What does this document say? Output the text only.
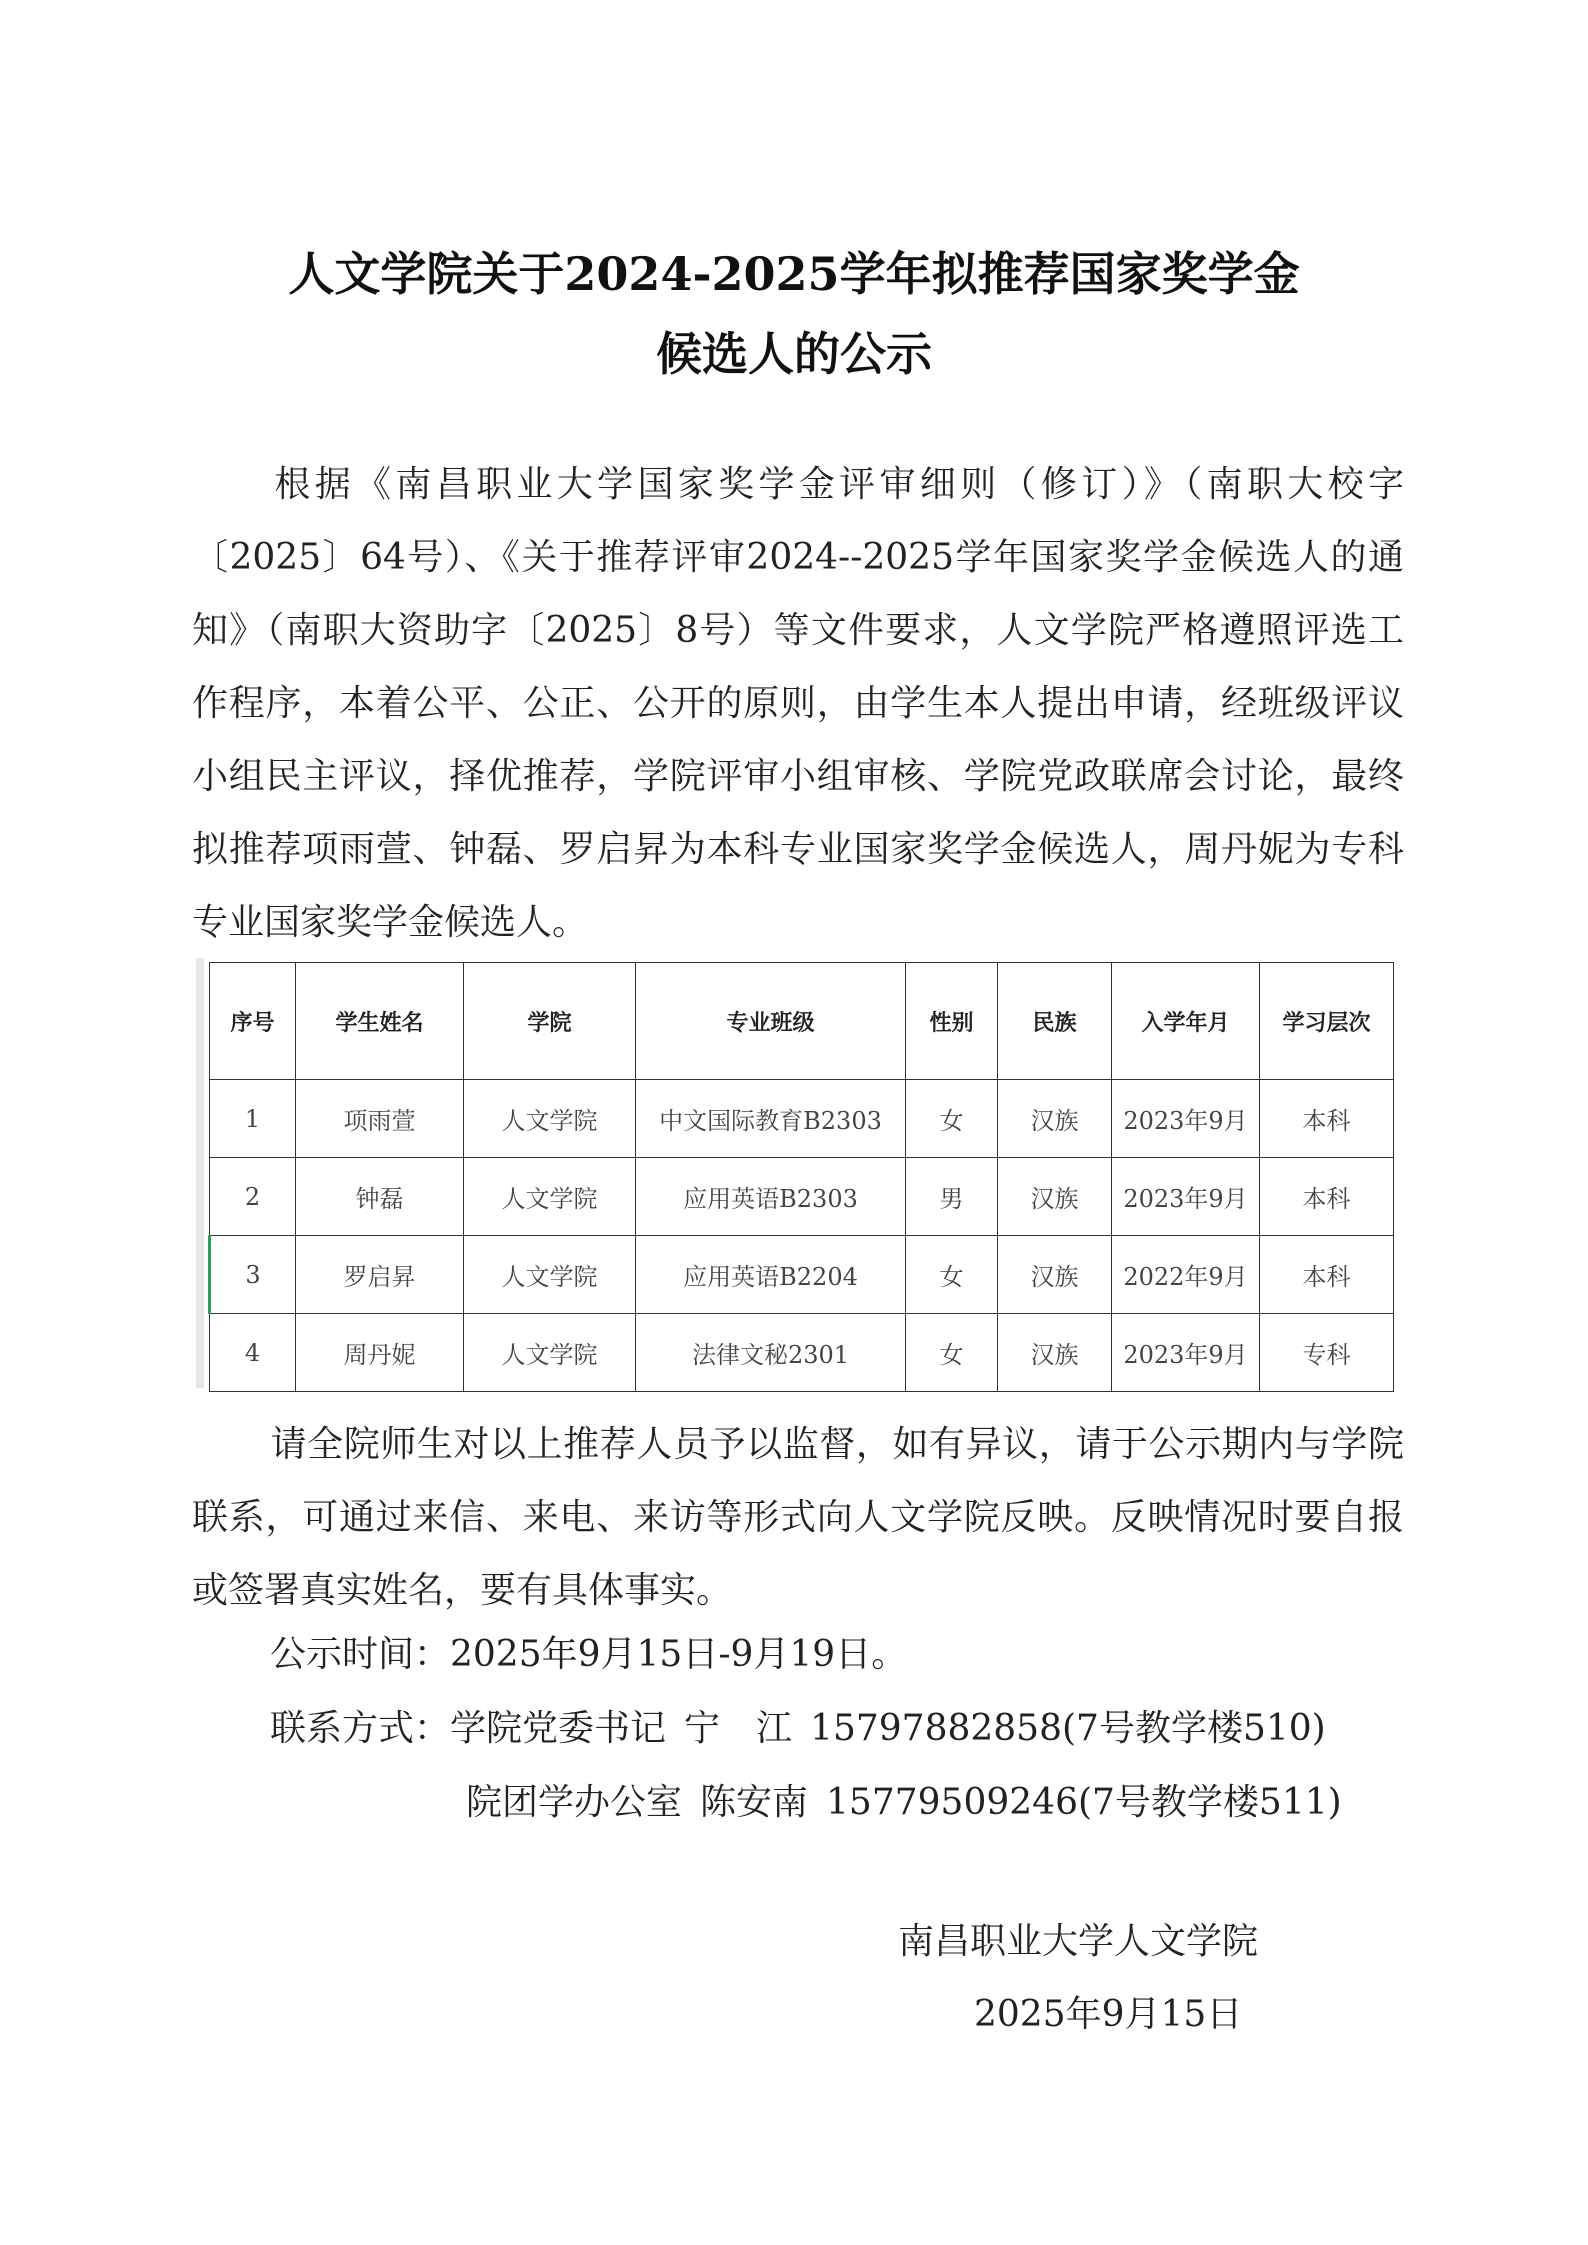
人文学院关于2024-2025学年拟推荐国家奖学金
候选人的公示
根据《南昌职业大学国家奖学金评审细则（修订）》（南职大校字〔2025〕64号）、《关于推荐评审2024--2025学年国家奖学金候选人的通知》（南职大资助字〔2025〕8号）等文件要求，人文学院严格遵照评选工作程序，本着公平、公正、公开的原则，由学生本人提出申请，经班级评议小组民主评议，择优推荐，学院评审小组审核、学院党政联席会讨论，最终拟推荐项雨萱、钟磊、罗启昇为本科专业国家奖学金候选人，周丹妮为专科专业国家奖学金候选人。
序号	学生姓名	学院	专业班级	性别	民族	入学年月	学习层次
1	项雨萱	人文学院	中文国际教育B2303	女	汉族	2023年9月	本科
2	钟磊	人文学院	应用英语B2303	男	汉族	2023年9月	本科
3	罗启昇	人文学院	应用英语B2204	女	汉族	2022年9月	本科
4	周丹妮	人文学院	法律文秘2301	女	汉族	2023年9月	专科
请全院师生对以上推荐人员予以监督，如有异议，请于公示期内与学院联系，可通过来信、来电、来访等形式向人文学院反映。反映情况时要自报或签署真实姓名，要有具体事实。
公示时间：2025年9月15日-9月19日。
联系方式：学院党委书记 宁　江 15797882858(7号教学楼510)
院团学办公室 陈安南 15779509246(7号教学楼511)
南昌职业大学人文学院
2025年9月15日
